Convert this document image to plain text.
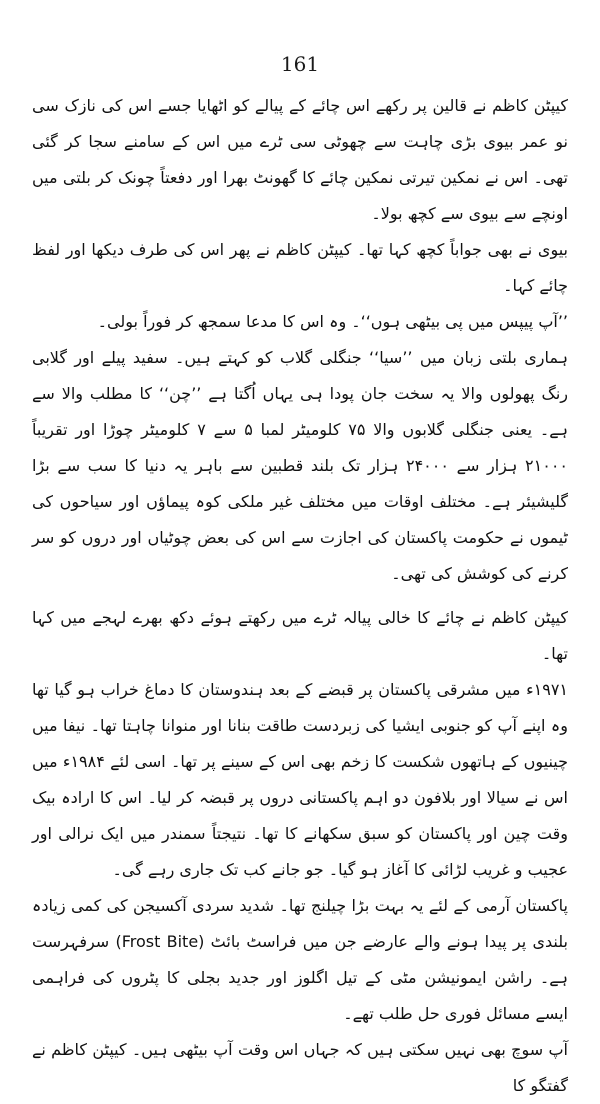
161

کیپٹن کاظم نے قالین پر رکھے اس چائے کے پیالے کو اٹھایا جسے اس کی نازک سی نو عمر بیوی بڑی چاہت سے چھوٹی سی ٹرے میں اس کے سامنے سجا کر گئی تھی۔ اس نے نمکین تیرتی نمکین چائے کا گھونٹ بھرا اور دفعتاً چونک کر بلتی میں اونچے سے بیوی سے کچھ بولا۔

بیوی نے بھی جواباً کچھ کہا تھا۔ کیپٹن کاظم نے پھر اس کی طرف دیکھا اور لفظ چائے کہا۔

’’آپ پیپس میں پی بیٹھی ہوں‘‘۔ وہ اس کا مدعا سمجھ کر فوراً بولی۔

ہماری بلتی زبان میں ’’سیا‘‘ جنگلی گلاب کو کہتے ہیں۔ سفید پیلے اور گلابی رنگ پھولوں والا یہ سخت جان پودا ہی یہاں اُگتا ہے ’’چن‘‘ کا مطلب والا سے ہے۔ یعنی جنگلی گلابوں والا ۷۵ کلومیٹر لمبا ۵ سے ۷ کلومیٹر چوڑا اور تقریباً ۲۱۰۰۰ ہزار سے ۲۴۰۰۰ ہزار تک بلند قطبین سے باہر یہ دنیا کا سب سے بڑا گلیشیئر ہے۔ مختلف اوقات میں مختلف غیر ملکی کوہ پیماؤں اور سیاحوں کی ٹیموں نے حکومت پاکستان کی اجازت سے اس کی بعض چوٹیاں اور دروں کو سر کرنے کی کوشش کی تھی۔

کیپٹن کاظم نے چائے کا خالی پیالہ ٹرے میں رکھتے ہوئے دکھ بھرے لہجے میں کہا تھا۔

۱۹۷۱ء میں مشرقی پاکستان پر قبضے کے بعد ہندوستان کا دماغ خراب ہو گیا تھا وہ اپنے آپ کو جنوبی ایشیا کی زبردست طاقت بنانا اور منوانا چاہتا تھا۔ نیفا میں چینیوں کے ہاتھوں شکست کا زخم بھی اس کے سینے پر تھا۔ اسی لئے ۱۹۸۴ء میں اس نے سیالا اور بلافون دو اہم پاکستانی دروں پر قبضہ کر لیا۔ اس کا ارادہ بیک وقت چین اور پاکستان کو سبق سکھانے کا تھا۔ نتیجتاً سمندر میں ایک نرالی اور عجیب و غریب لڑائی کا آغاز ہو گیا۔ جو جانے کب تک جاری رہے گی۔

پاکستان آرمی کے لئے یہ بہت بڑا چیلنج تھا۔ شدید سردی آکسیجن کی کمی زیادہ بلندی پر پیدا ہونے والے عارضے جن میں فراسٹ بائٹ (Frost Bite) سرفہرست ہے۔ راشن ایمونیشن مٹی کے تیل اگلوز اور جدید بجلی کا پٹروں کی فراہمی ایسے مسائل فوری حل طلب تھے۔

آپ سوچ بھی نہیں سکتی ہیں کہ جہاں اس وقت آپ بیٹھی ہیں۔ کیپٹن کاظم نے گفتگو کا
